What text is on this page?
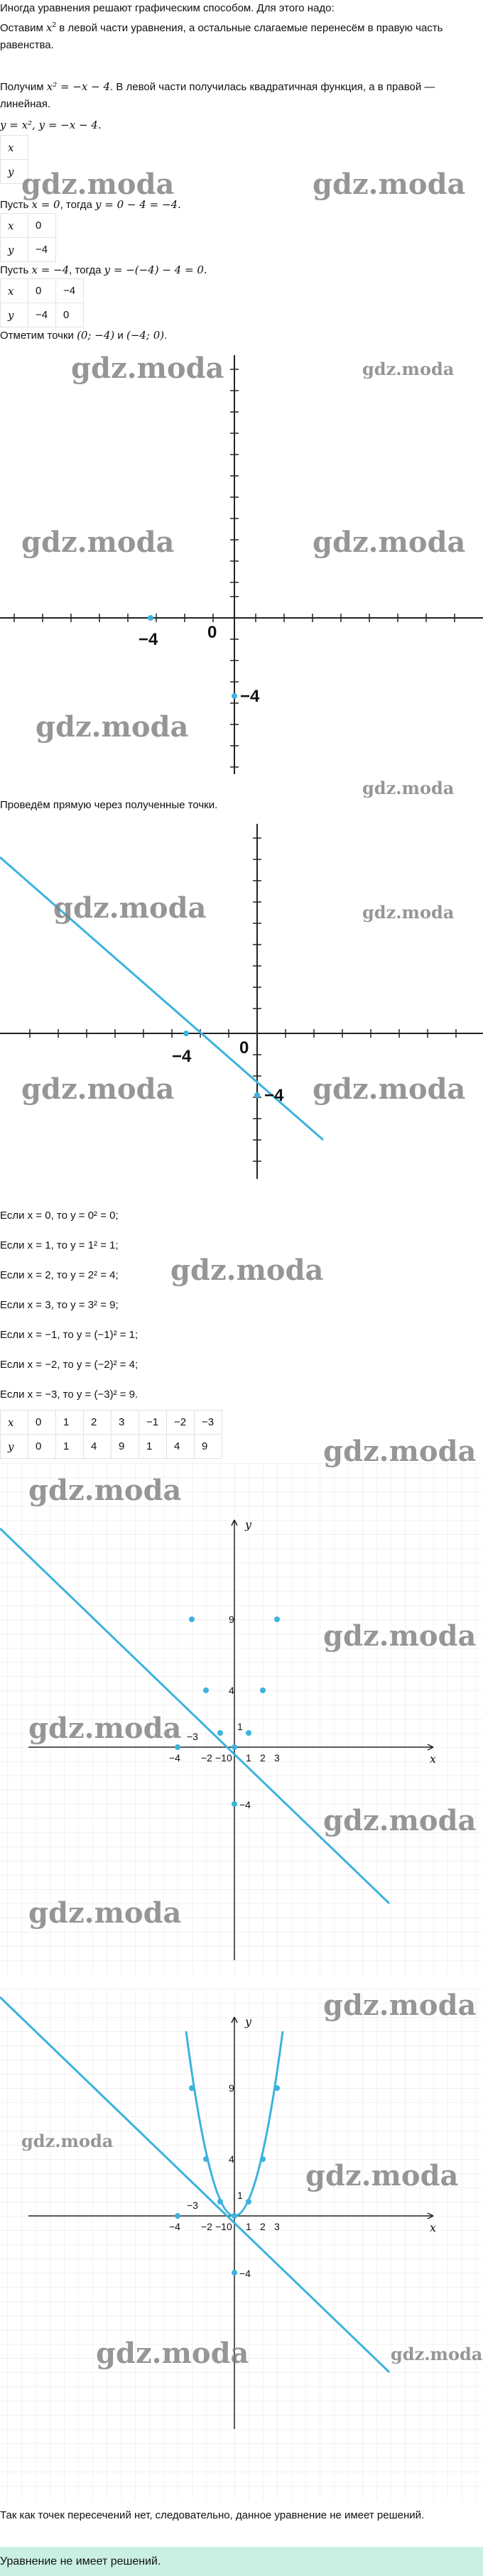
Иногда уравнения решают графическим способом. Для этого надо:

Оставим $x^2$ в левой части уравнения, а остальные слагаемые перенесём в правую часть равенства.

Получим x² = −x − 4. В левой части получилась квадратичная функция, а в правой — линейная.

y = x², y = −x − 4.

x
y

Пусть x = 0, тогда y = 0 − 4 = −4.

x	0
y	−4

Пусть x = −4, тогда y = −(−4) − 4 = 0.

x	0	−4
y	−4	0

Отметим точки (0; −4) и (−4; 0).

−4	0
−4

Проведём прямую через полученные точки.

−4	0
−4

Если x = 0, то y = 0² = 0;

Если x = 1, то y = 1² = 1;

Если x = 2, то y = 2² = 4;

Если x = 3, то y = 3² = 9;

Если x = −1, то y = (−1)² = 1;

Если x = −2, то y = (−2)² = 4;

Если x = −3, то y = (−3)² = 9.

x	0	1	2	3	−1	−2	−3
y	0	1	4	9	1	4	9
x
y
−4 −2 −1 0 1 2 3
9
4
1
−3
−4
x
y
−4 −2 −1 0 1 2 3
9
4
1
−3
−4

Так как точек пересечений нет, следовательно, данное уравнение не имеет решений.

Уравнение не имеет решений.
gdz.moda	gdz.moda
gdz.moda	gdz.moda
gdz.moda	gdz.moda
gdz.moda
gdz.moda
gdz.moda	gdz.moda
gdz.moda	gdz.moda
gdz.moda
gdz.moda
gdz.moda
gdz.moda
gdz.moda
gdz.moda
gdz.moda
gdz.moda
gdz.moda
gdz.moda
gdz.moda	gdz.moda
